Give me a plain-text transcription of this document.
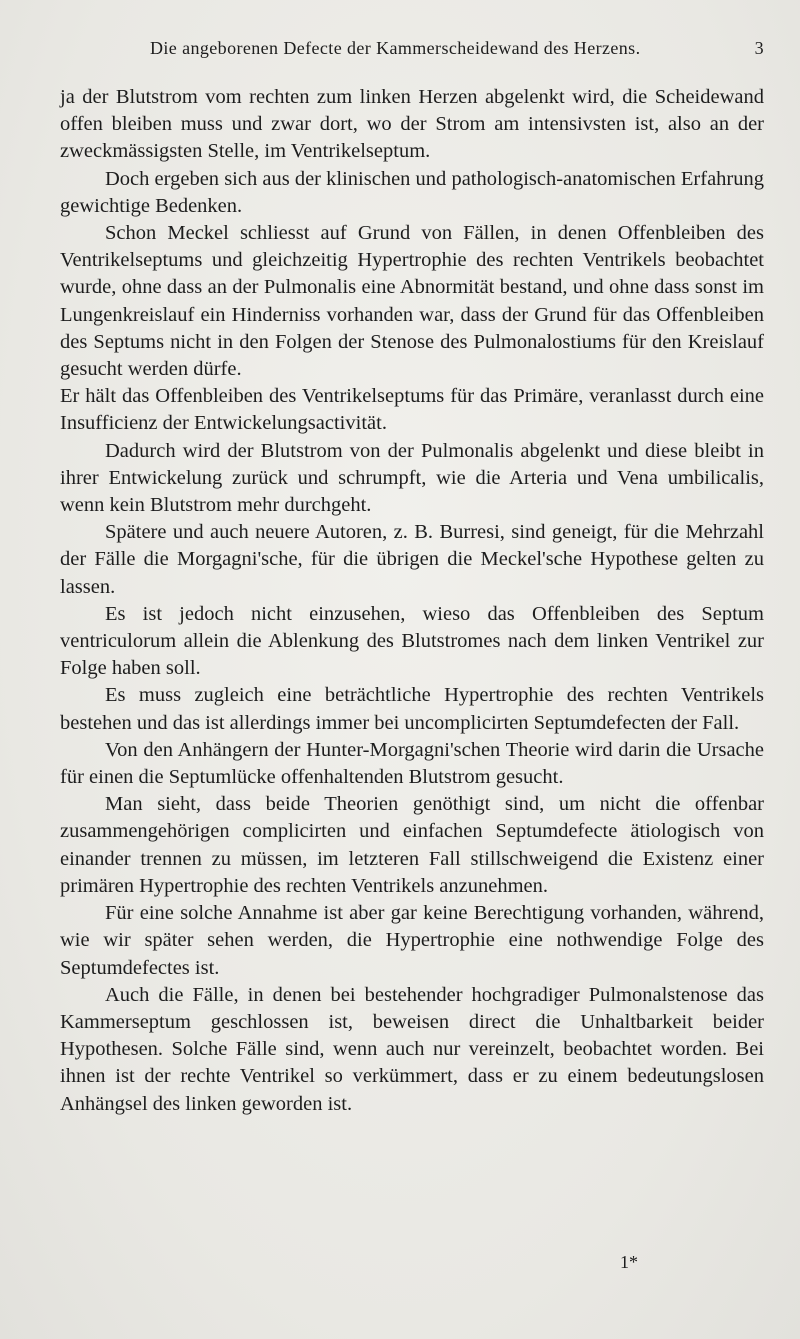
Die angeborenen Defecte der Kammerscheidewand des Herzens.	3

ja der Blutstrom vom rechten zum linken Herzen abgelenkt wird, die Scheidewand offen bleiben muss und zwar dort, wo der Strom am intensivsten ist, also an der zweckmässigsten Stelle, im Ventrikelseptum.

Doch ergeben sich aus der klinischen und pathologisch-anatomischen Erfahrung gewichtige Bedenken.

Schon Meckel schliesst auf Grund von Fällen, in denen Offenbleiben des Ventrikelseptums und gleichzeitig Hypertrophie des rechten Ventrikels beobachtet wurde, ohne dass an der Pulmonalis eine Abnormität bestand, und ohne dass sonst im Lungenkreislauf ein Hinderniss vorhanden war, dass der Grund für das Offenbleiben des Septums nicht in den Folgen der Stenose des Pulmonalostiums für den Kreislauf gesucht werden dürfe.

Er hält das Offenbleiben des Ventrikelseptums für das Primäre, veranlasst durch eine Insufficienz der Entwickelungsactivität.

Dadurch wird der Blutstrom von der Pulmonalis abgelenkt und diese bleibt in ihrer Entwickelung zurück und schrumpft, wie die Arteria und Vena umbilicalis, wenn kein Blutstrom mehr durchgeht.

Spätere und auch neuere Autoren, z. B. Burresi, sind geneigt, für die Mehrzahl der Fälle die Morgagni'sche, für die übrigen die Meckel'sche Hypothese gelten zu lassen.

Es ist jedoch nicht einzusehen, wieso das Offenbleiben des Septum ventriculorum allein die Ablenkung des Blutstromes nach dem linken Ventrikel zur Folge haben soll.

Es muss zugleich eine beträchtliche Hypertrophie des rechten Ventrikels bestehen und das ist allerdings immer bei uncomplicirten Septumdefecten der Fall.

Von den Anhängern der Hunter-Morgagni'schen Theorie wird darin die Ursache für einen die Septumlücke offenhaltenden Blutstrom gesucht.

Man sieht, dass beide Theorien genöthigt sind, um nicht die offenbar zusammengehörigen complicirten und einfachen Septumdefecte ätiologisch von einander trennen zu müssen, im letzteren Fall stillschweigend die Existenz einer primären Hypertrophie des rechten Ventrikels anzunehmen.

Für eine solche Annahme ist aber gar keine Berechtigung vorhanden, während, wie wir später sehen werden, die Hypertrophie eine nothwendige Folge des Septumdefectes ist.

Auch die Fälle, in denen bei bestehender hochgradiger Pulmonalstenose das Kammerseptum geschlossen ist, beweisen direct die Unhaltbarkeit beider Hypothesen. Solche Fälle sind, wenn auch nur vereinzelt, beobachtet worden. Bei ihnen ist der rechte Ventrikel so verkümmert, dass er zu einem bedeutungslosen Anhängsel des linken geworden ist.

1*
